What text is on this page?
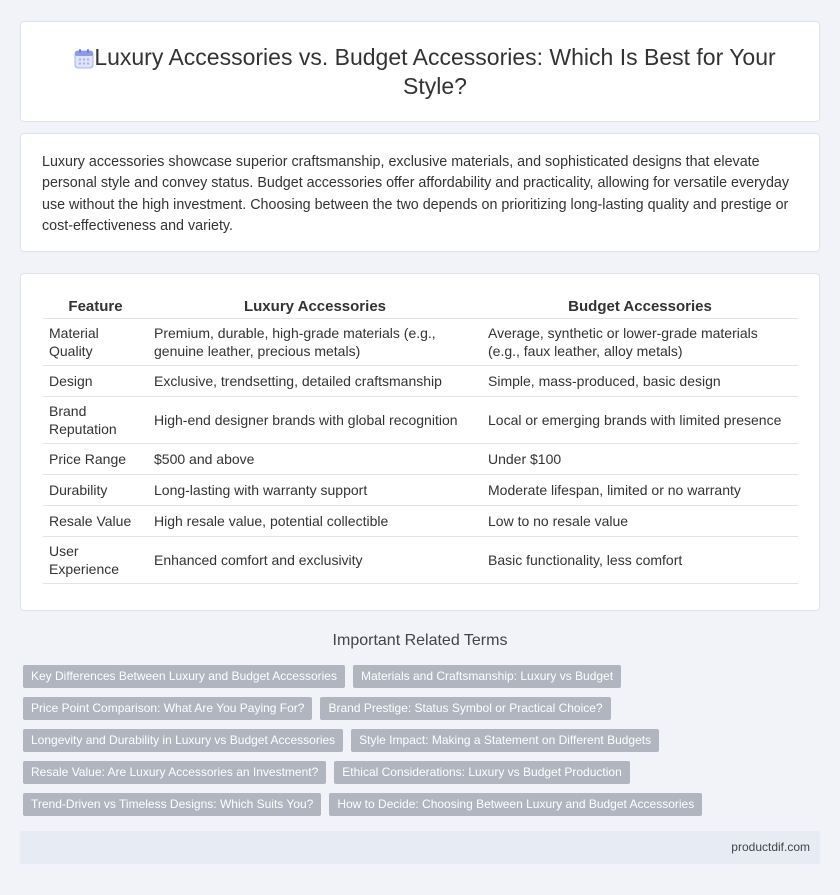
Luxury Accessories vs. Budget Accessories: Which Is Best for Your Style?

Luxury accessories showcase superior craftsmanship, exclusive materials, and sophisticated designs that elevate personal style and convey status. Budget accessories offer affordability and practicality, allowing for versatile everyday use without the high investment. Choosing between the two depends on prioritizing long-lasting quality and prestige or cost-effectiveness and variety.

Feature	Luxury Accessories	Budget Accessories
Material Quality	Premium, durable, high-grade materials (e.g., genuine leather, precious metals)	Average, synthetic or lower-grade materials (e.g., faux leather, alloy metals)
Design	Exclusive, trendsetting, detailed craftsmanship	Simple, mass-produced, basic design
Brand Reputation	High-end designer brands with global recognition	Local or emerging brands with limited presence
Price Range	$500 and above	Under $100
Durability	Long-lasting with warranty support	Moderate lifespan, limited or no warranty
Resale Value	High resale value, potential collectible	Low to no resale value
User Experience	Enhanced comfort and exclusivity	Basic functionality, less comfort
Important Related Terms
Key Differences Between Luxury and Budget Accessories	Materials and Craftsmanship: Luxury vs Budget
Price Point Comparison: What Are You Paying For?	Brand Prestige: Status Symbol or Practical Choice?
Longevity and Durability in Luxury vs Budget Accessories	Style Impact: Making a Statement on Different Budgets
Resale Value: Are Luxury Accessories an Investment?	Ethical Considerations: Luxury vs Budget Production
Trend-Driven vs Timeless Designs: Which Suits You?	How to Decide: Choosing Between Luxury and Budget Accessories
productdif.com
